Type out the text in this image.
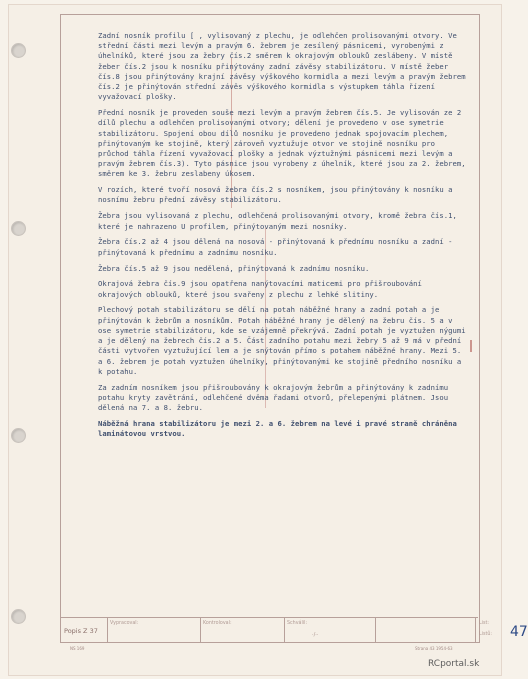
Zadní nosník profilu [ , vylisovaný z plechu, je odlehčen prolisovanými otvory. Ve střední části mezi levým a pravým 6. žebrem je zesílený pásnicemi, vyrobenými z úhelníků, které jsou za žebry čís.2 směrem k okrajovým oblouků zeslábeny. V místě žeber čís.2 jsou k nosníku přinýtovány zadní závěsy stabilizátoru. V místě žeber čís.8 jsou přinýtovány krajní závěsy výškového kormidla a mezi levým a pravým žebrem čís.2 je přinýtován střední závěs výškového kormidla s výstupkem táhla řízení vyvažovací plošky.

Přední nosník je proveden souše mezi levým a pravým žebrem čís.5. Je vylisován ze 2 dílů plechu a odlehčen prolisovanými otvory; dělení je provedeno v ose symetrie stabilizátoru. Spojení obou dílů nosníku je provedeno jednak spojovacím plechem, přinýtovaným ke stojině, který zároveň vyztužuje otvor ve stojině nosníku pro průchod táhla řízení vyvažovací plošky a jednak výztužnými pásnicemi mezi levým a pravým žebrem čís.3). Tyto pásnice jsou vyrobeny z úhelník, které jsou za 2. žebrem, směrem ke 3. žebru zeslabeny úkosem.

V rozích, které tvoří nosová žebra čís.2 s nosníkem, jsou přinýtovány k nosníku a nosnímu žebru přední závěsy stabilizátoru.

Žebra jsou vylisovaná z plechu, odlehčená prolisovanými otvory, kromě žebra čís.1, které je nahrazeno U profilem, přinýtovaným mezi nosníky.

Žebra čís.2 až 4 jsou dělená na nosová - přinýtovaná k přednímu nosníku a zadní - přinýtovaná k přednímu a zadnímu nosníku.

Žebra čís.5 až 9 jsou nedělená, přinýtovaná k zadnímu nosníku.

Okrajová žebra čís.9 jsou opatřena nanýtovacími maticemi pro přišroubování okrajových oblouků, které jsou svařeny z plechu z lehké slitiny.

Plechový potah stabilizátoru se dělí na potah náběžné hrany a zadní potah a je přinýtován k žebrům a nosníkům. Potah náběžné hrany je dělený na žebru čís. 5 a v ose symetrie stabilizátoru, kde se vzájemně překrývá. Zadní potah je vyztužen nýgumi a je dělený na žebrech čís.2 a 5. Část zadního potahu mezi žebry 5 až 9 má v přední části vytvořen vyztužující lem a je snýtován přímo s potahem náběžné hrany. Mezi 5. a 6. žebrem je potah vyztužen úhelníky, přinýtovanými ke stojině předního nosníku a k potahu.

Za zadním nosníkem jsou přišroubovány k okrajovým žebrům a přinýtovány k zadnímu potahu kryty zavětrání, odlehčené dvěma řadami otvorů, přelepenými plátnem. Jsou dělená na 7. a 8. žebru.

Náběžná hrana stabilizátoru je mezi 2. a 6. žebrem na levé i pravé straně chráněna laminátovou vrstvou.

Popis Z 37
Vypracoval:	Kontroloval:	Schválil:
·/··
List:
Listů: 47
NS 169	Strana 43 1954-63
RCportal.sk
